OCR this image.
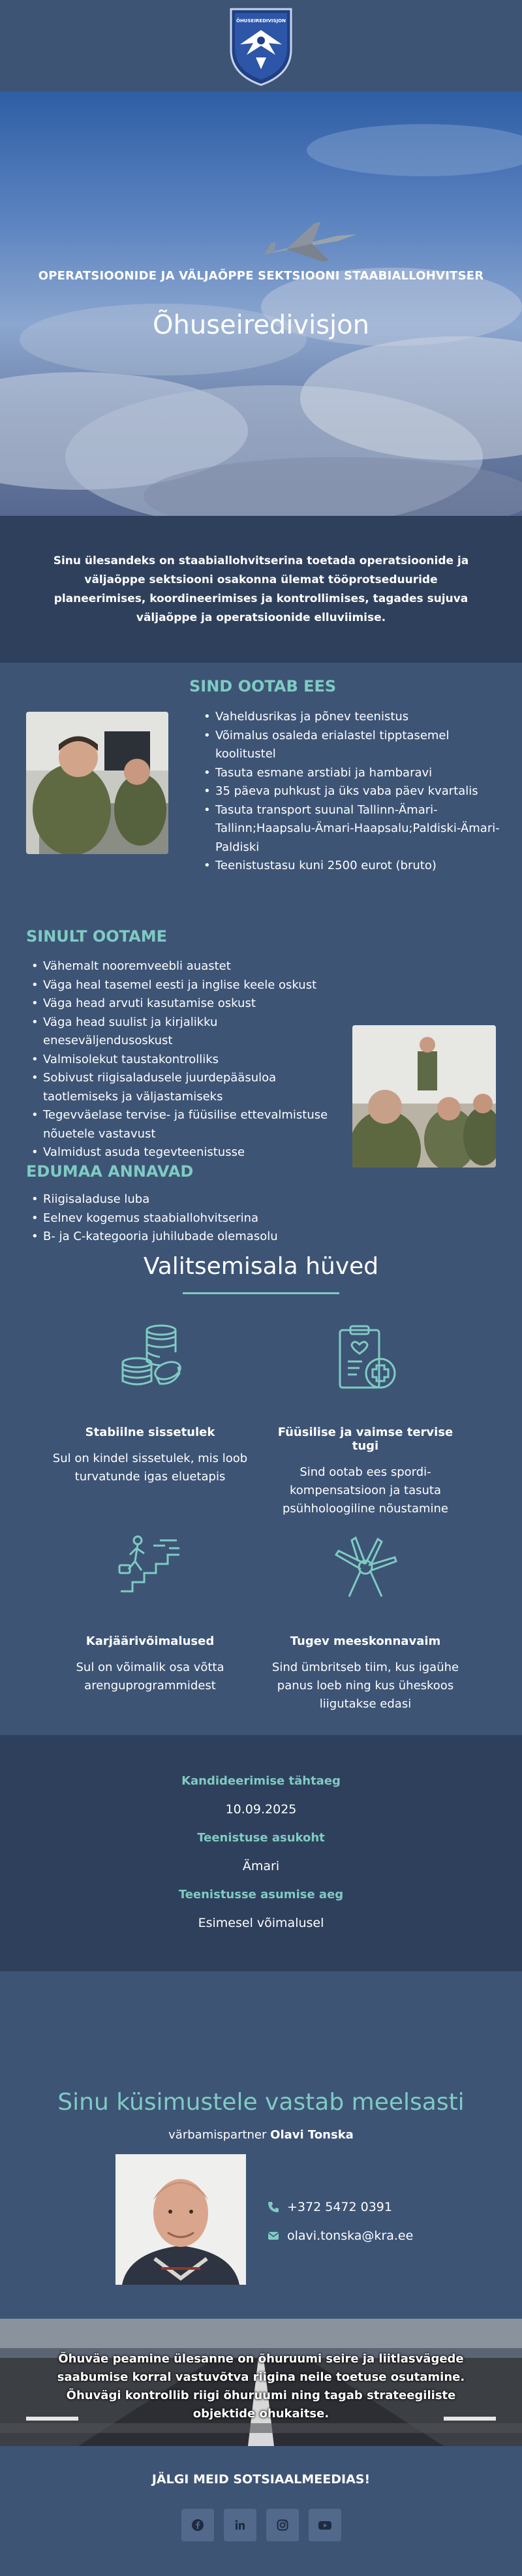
ÕHUSEIREDIVISJON
OPERATSIOONIDE JA VÄLJAÕPPE SEKTSIOONI STAABIALLOHVITSER
Õhuseiredivisjon

Sinu ülesandeks on staabiallohvitserina toetada operatsioonide ja väljaõppe sektsiooni osakonna ülemat tööprotseduuride planeerimises, koordineerimises ja kontrollimises, tagades sujuva väljaõppe ja operatsioonide elluviimise.

SIND OOTAB EES
• Vaheldusrikas ja põnev teenistus
• Võimalus osaleda erialastel tipptasemel koolitustel
• Tasuta esmane arstiabi ja hambaravi
• 35 päeva puhkust ja üks vaba päev kvartalis
• Tasuta transport suunal Tallinn-Ämari-Tallinn;Haapsalu-Ämari-Haapsalu;Paldiski-Ämari-Paldiski
• Teenistustasu kuni 2500 eurot (bruto)
SINULT OOTAME
• Vähemalt nooremveebli auastet
• Väga heal tasemel eesti ja inglise keele oskust
• Väga head arvuti kasutamise oskust
• Väga head suulist ja kirjalikku eneseväljendusoskust
• Valmisolekut taustakontrolliks
• Sobivust riigisaladusele juurdepääsuloa taotlemiseks ja väljastamiseks
• Tegevväelase tervise- ja füüsilise ettevalmistuse nõuetele vastavust
• Valmidust asuda tegevteenistusse
EDUMAA ANNAVAD
• Riigisaladuse luba
• Eelnev kogemus staabiallohvitserina
• B- ja C-kategooria juhilubade olemasolu
Valitsemisala hüved
Stabiilne sissetulek

Sul on kindel sissetulek, mis loob turvatunde igas eluetapis

Füüsilise ja vaimse tervise tugi

Sind ootab ees spordi-kompensatsioon ja tasuta psühholoogiline nõustamine

Karjäärivõimalused

Sul on võimalik osa võtta arenguprogrammidest

Tugev meeskonnavaim

Sind ümbritseb tiim, kus igaühe panus loeb ning kus üheskoos liigutakse edasi

Kandideerimise tähtaeg
10.09.2025
Teenistuse asukoht
Ämari
Teenistusse asumise aeg
Esimesel võimalusel
Sinu küsimustele vastab meelsasti
värbamispartner Olavi Tonska
+372 5472 0391
olavi.tonska@kra.ee

Õhuväe peamine ülesanne on õhuruumi seire ja liitlasvägede saabumise korral vastuvõtva riigina neile toetuse osutamine. Õhuvägi kontrollib riigi õhuruumi ning tagab strateegiliste objektide ohukaitse.

JÄLGI MEID SOTSIAALMEEDIAS!
